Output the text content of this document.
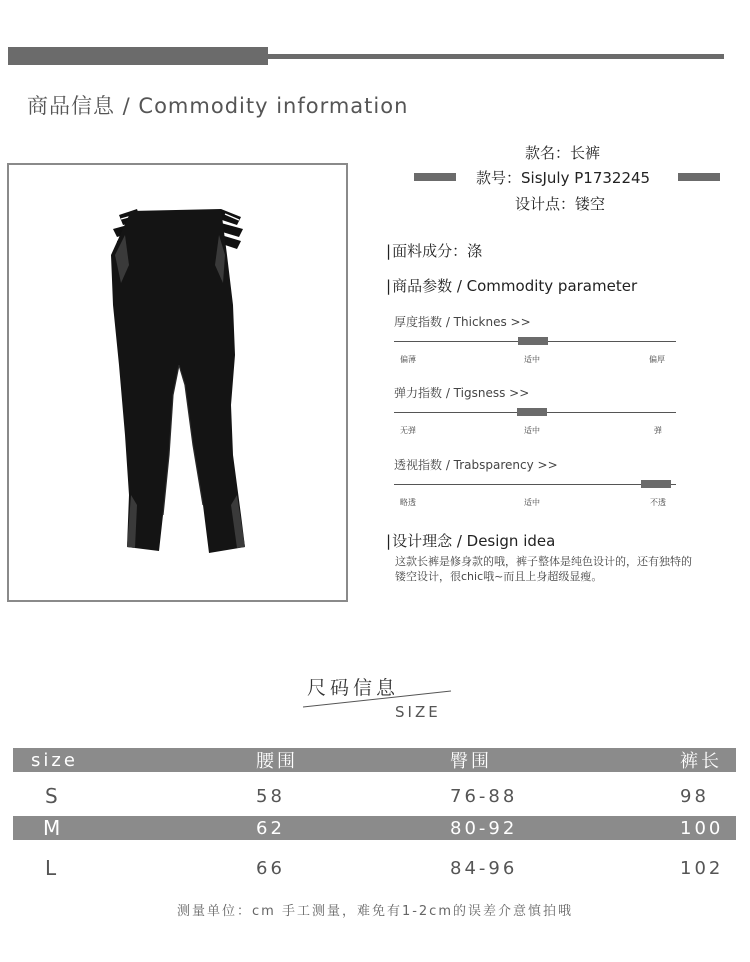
商品信息 / Commodity information
款名：长裤
款号：SisJuly P1732245
设计点：镂空
| 面料成分：涤
| 商品参数 / Commodity parameter
厚度指数 / Thicknes >>
偏薄	适中	偏厚
弹力指数 / Tigsness >>
无弹	适中	弹
透视指数 / Trabsparency >>
略透	适中	不透
| 设计理念 / Design idea
这款长裤是修身款的哦，裤子整体是纯色设计的，还有独特的镂空设计，很chic哦~而且上身超级显瘦。
尺码信息
SIZE
size	腰围	臀围	裤长
S	58	76-88	98
M	62	80-92	100
L	66	84-96	102
测量单位：cm 手工测量，难免有1-2cm的误差介意慎拍哦
